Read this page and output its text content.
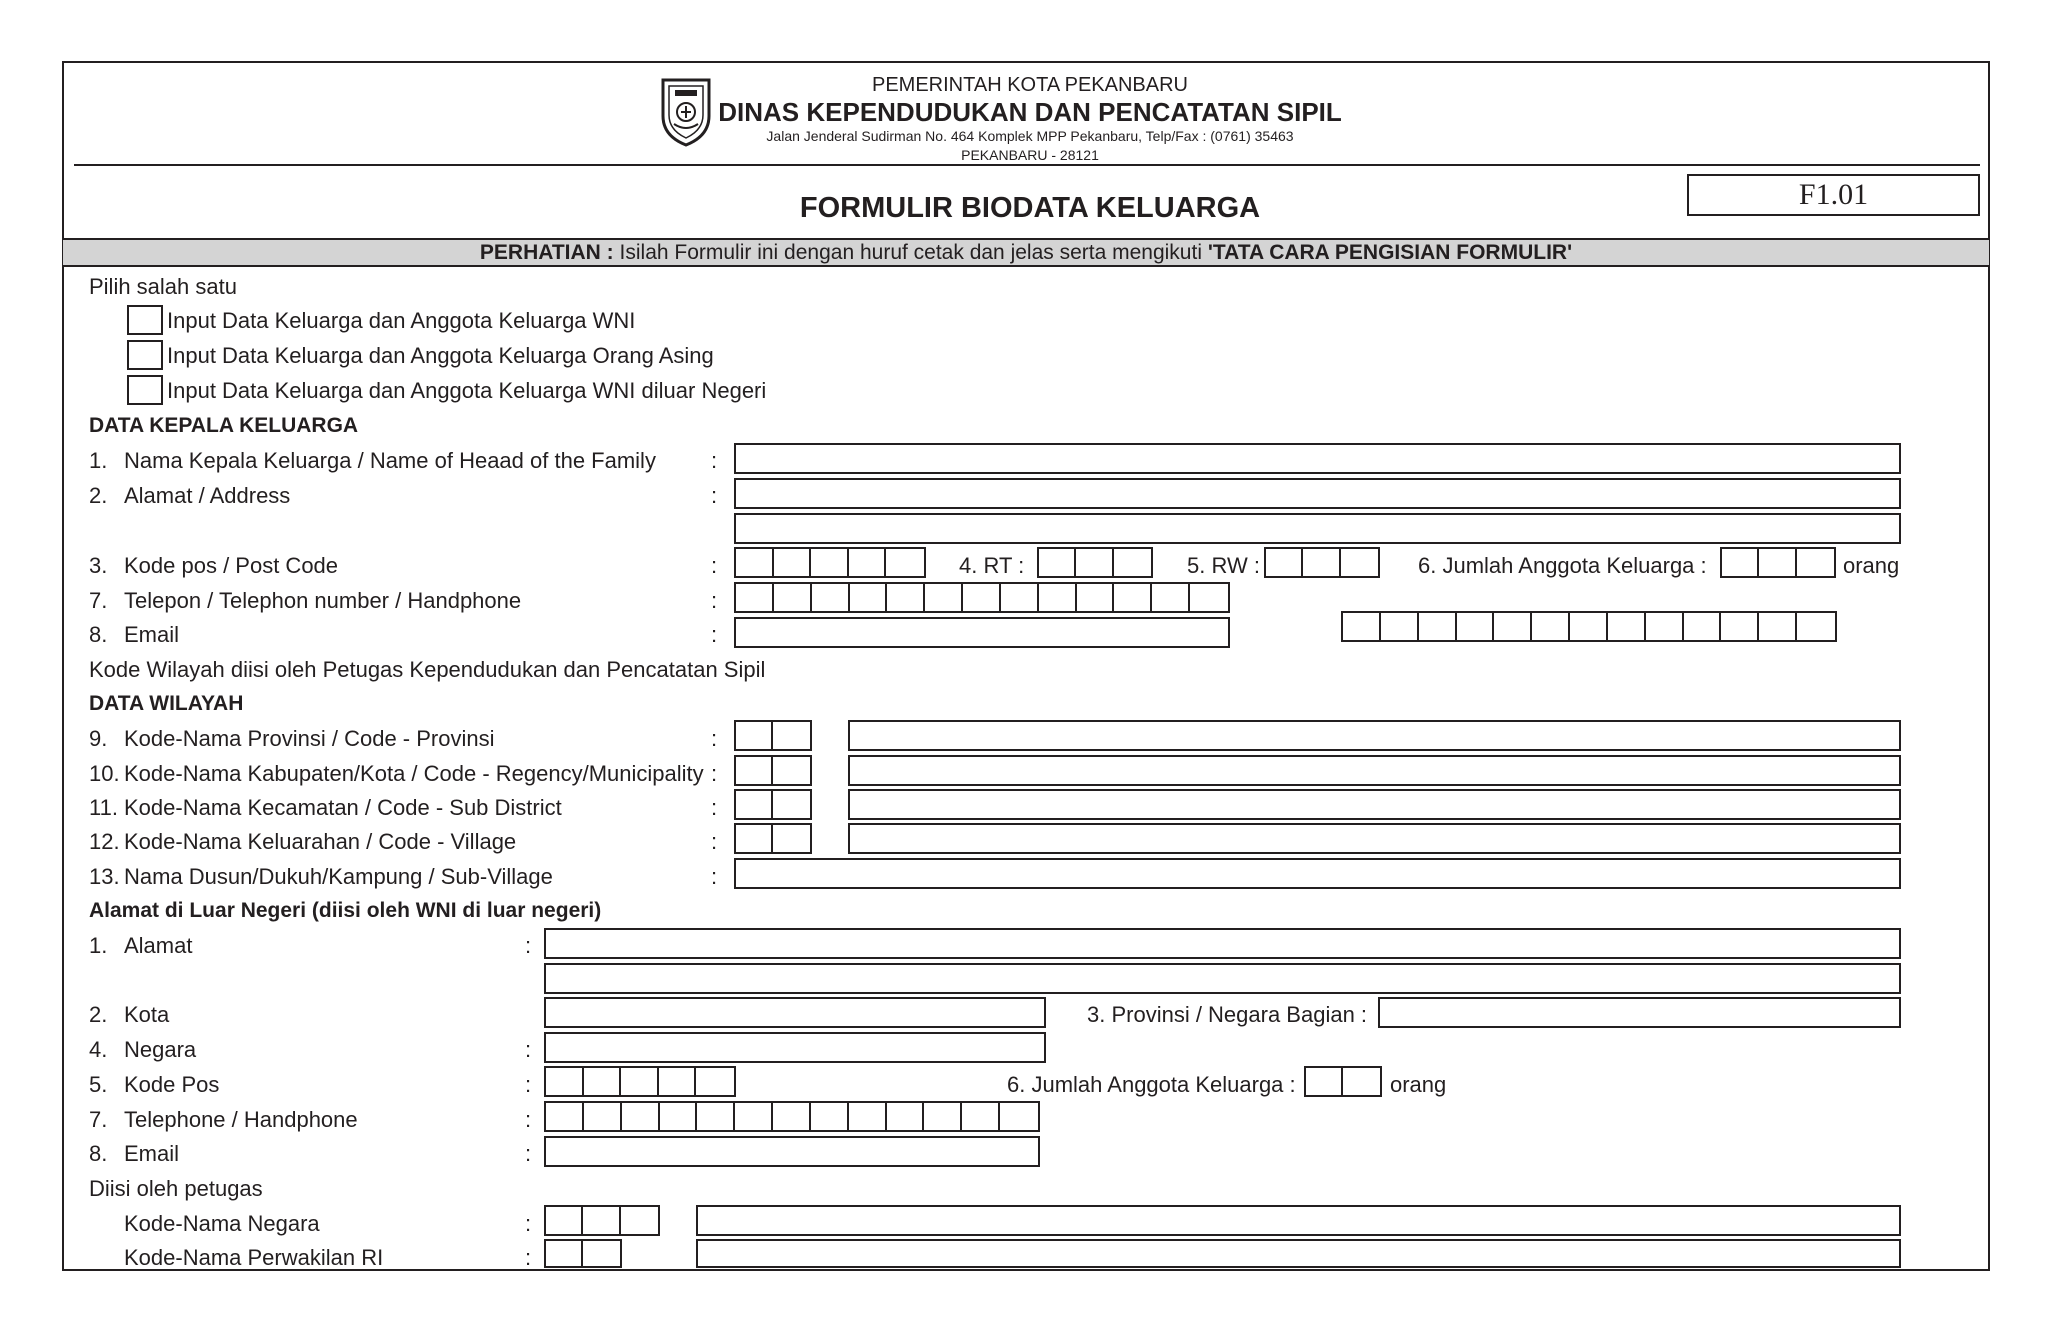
PEMERINTAH KOTA PEKANBARU
DINAS KEPENDUDUKAN DAN PENCATATAN SIPIL
Jalan Jenderal Sudirman No. 464 Komplek MPP Pekanbaru, Telp/Fax : (0761) 35463
PEKANBARU - 28121
F1.01
FORMULIR BIODATA KELUARGA
PERHATIAN : Isilah Formulir ini dengan huruf cetak dan jelas serta mengikuti 'TATA CARA PENGISIAN FORMULIR'
Pilih salah satu
Input Data Keluarga dan Anggota Keluarga WNI
Input Data Keluarga dan Anggota Keluarga Orang Asing
Input Data Keluarga dan Anggota Keluarga WNI diluar Negeri
DATA KEPALA KELUARGA
1. Nama Kepala Keluarga / Name of Heaad of the Family	:
2. Alamat / Address	:
3. Kode pos / Post Code	:	4. RT :	5. RW :	6. Jumlah Anggota Keluarga :	orang
7. Telepon / Telephon number / Handphone	:
8. Email	:
Kode Wilayah diisi oleh Petugas Kependudukan dan Pencatatan Sipil
DATA WILAYAH
9. Kode-Nama Provinsi / Code - Provinsi	:
10. Kode-Nama Kabupaten/Kota / Code - Regency/Municipality :
11. Kode-Nama Kecamatan / Code - Sub District	:
12. Kode-Nama Keluarahan / Code - Village	:
13. Nama Dusun/Dukuh/Kampung / Sub-Village	:
Alamat di Luar Negeri (diisi oleh WNI di luar negeri)
1. Alamat	:
2. Kota	3. Provinsi / Negara Bagian :
4. Negara	:
5. Kode Pos	:	6. Jumlah Anggota Keluarga :	orang
7. Telephone / Handphone	:
8. Email	:
Diisi oleh petugas
Kode-Nama Negara	:
Kode-Nama Perwakilan RI	:
